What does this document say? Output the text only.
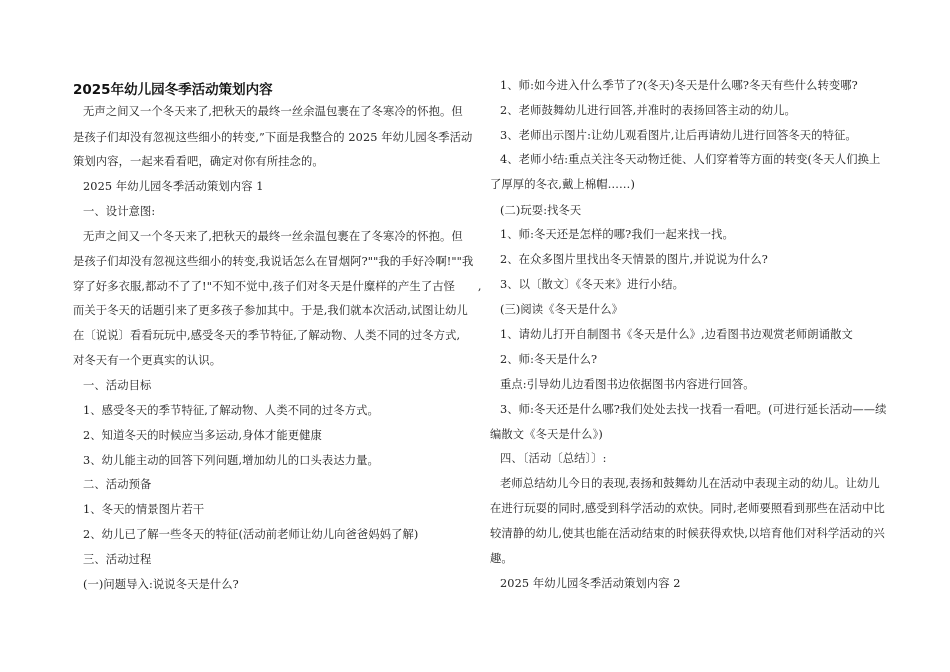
2025年幼儿园冬季活动策划内容
无声之间又一个冬天来了,把秋天的最终一丝余温包裹在了冬寒冷的怀抱。但
是孩子们却没有忽视这些细小的转变,”下面是我整合的 2025 年幼儿园冬季活动
策划内容，一起来看看吧，确定对你有所挂念的。
2025 年幼儿园冬季活动策划内容 1
一、设计意图:
无声之间又一个冬天来了,把秋天的最终一丝余温包裹在了冬寒冷的怀抱。但
是孩子们却没有忽视这些细小的转变,我说话怎么在冒烟阿?""我的手好冷啊!""我
穿了好多衣服,都动不了了!"不知不觉中,孩子们对冬天是什糜样的产生了古怪　　,
而关于冬天的话题引来了更多孩子参加其中。于是,我们就本次活动,试图让幼儿
在〔说说〕看看玩玩中,感受冬天的季节特征,了解动物、人类不同的过冬方式,
对冬天有一个更真实的认识。
一、活动目标
1、感受冬天的季节特征,了解动物、人类不同的过冬方式。
2、知道冬天的时候应当多运动,身体才能更健康
3、幼儿能主动的回答下列问题,增加幼儿的口头表达力量。
二、活动预备
1、冬天的情景图片若干
2、幼儿已了解一些冬天的特征(活动前老师让幼儿向爸爸妈妈了解)
三、活动过程
(一)问题导入:说说冬天是什么?
1、师:如今进入什么季节了?(冬天)冬天是什么哪?冬天有些什么转变哪?
2、老师鼓舞幼儿进行回答,并准时的表扬回答主动的幼儿。
3、老师出示图片:让幼儿观看图片,让后再请幼儿进行回答冬天的特征。
4、老师小结:重点关注冬天动物迁徙、人们穿着等方面的转变(冬天人们换上
了厚厚的冬衣,戴上棉帽……)
(二)玩耍:找冬天
1、师:冬天还是怎样的哪?我们一起来找一找。
2、在众多图片里找出冬天情景的图片,并说说为什么?
3、以〔散文〕《冬天来》进行小结。
(三)阅读《冬天是什么》
1、请幼儿打开自制图书《冬天是什么》,边看图书边观赏老师朗诵散文
2、师:冬天是什么?
重点:引导幼儿边看图书边依据图书内容进行回答。
3、师:冬天还是什么哪?我们处处去找一找看一看吧。(可进行延长活动——续
编散文《冬天是什么》)
四、〔活动〔总结〕〕:
老师总结幼儿今日的表现,表扬和鼓舞幼儿在活动中表现主动的幼儿。让幼儿
在进行玩耍的同时,感受到科学活动的欢快。同时,老师要照看到那些在活动中比
较清静的幼儿,使其也能在活动结束的时候获得欢快,以培育他们对科学活动的兴
趣。
2025 年幼儿园冬季活动策划内容 2
